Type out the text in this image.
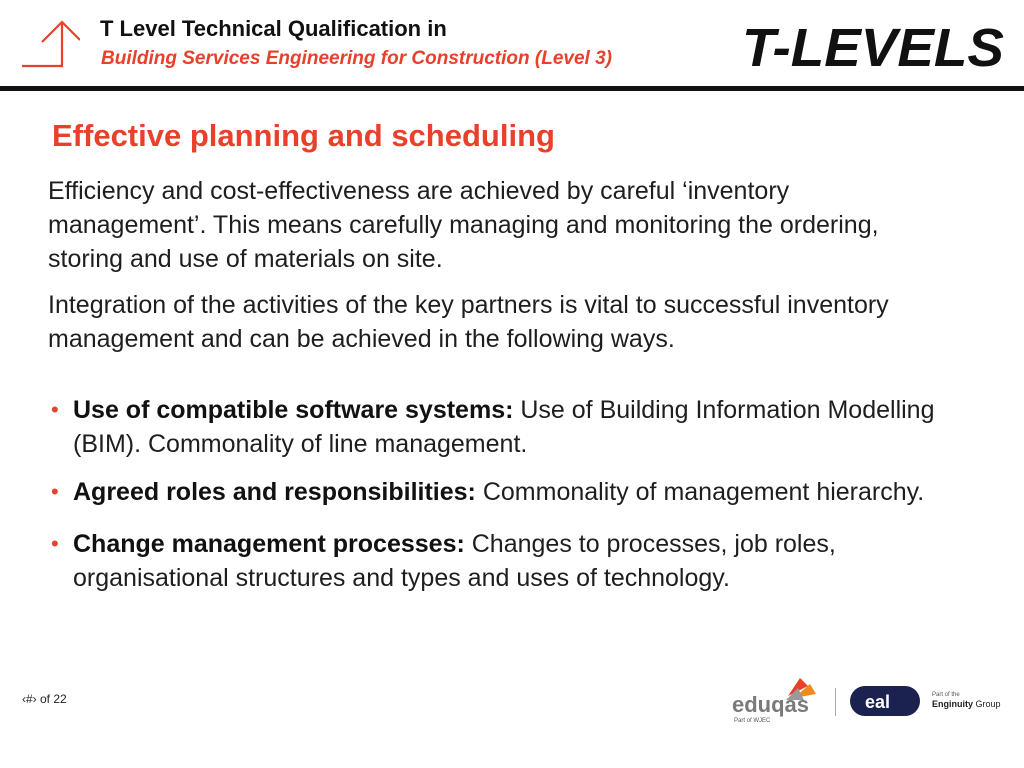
T Level Technical Qualification in
Building Services Engineering for Construction (Level 3) T-LEVELS
Effective planning and scheduling

Efficiency and cost-effectiveness are achieved by careful ‘inventory management’. This means carefully managing and monitoring the ordering, storing and use of materials on site.

Integration of the activities of the key partners is vital to successful inventory management and can be achieved in the following ways.

• Use of compatible software systems: Use of Building Information Modelling (BIM). Commonality of line management.
• Agreed roles and responsibilities: Commonality of management hierarchy.
• Change management processes: Changes to processes, job roles, organisational structures and types and uses of technology.
‹#› of 22	eduqas
Part of WJEC
eal	Part of the
Enginuity Group
